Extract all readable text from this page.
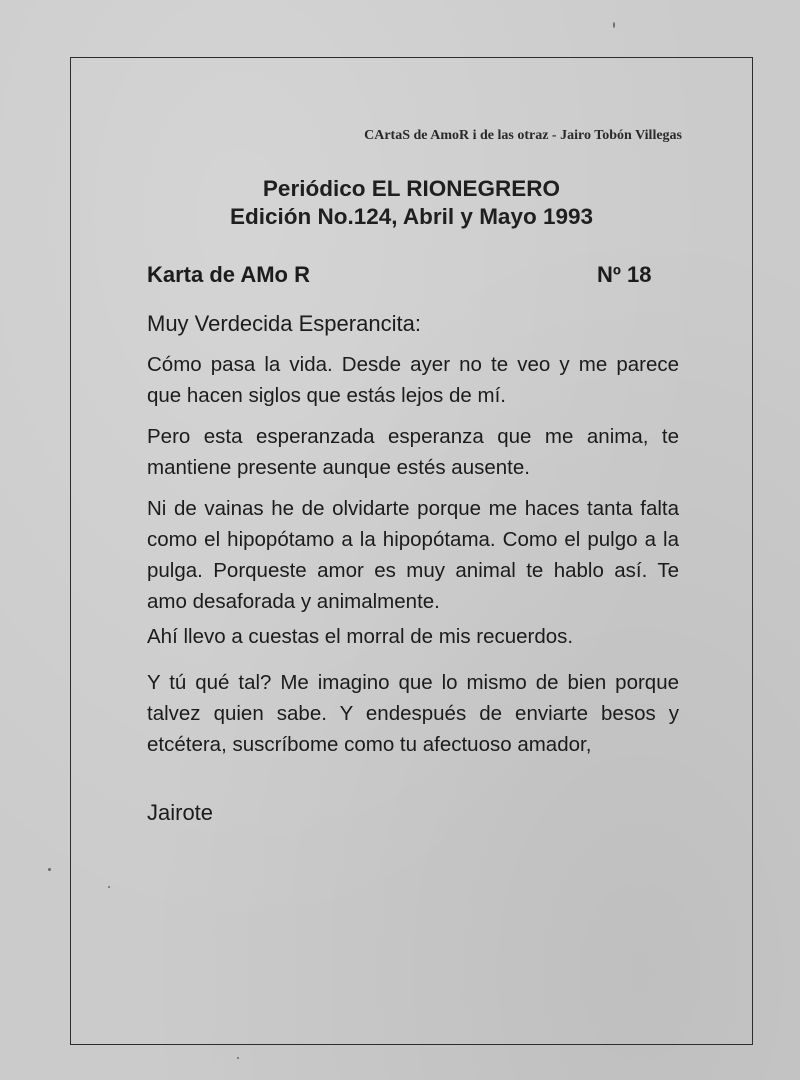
CArtaS de AmoR i de las otraz - Jairo Tobón Villegas
Periódico EL RIONEGRERO
Edición No.124, Abril y Mayo 1993
Karta de AMo R	Nº 18
Muy Verdecida Esperancita:
Cómo pasa la vida. Desde ayer no te veo y me parece que hacen siglos que estás lejos de mí.
Pero esta esperanzada esperanza que me anima, te mantiene presente aunque estés ausente.
Ni de vainas he de olvidarte porque me haces tanta falta como el hipopótamo a la hipopótama. Como el pulgo a la pulga. Porqueste amor es muy animal te hablo así. Te amo desaforada y animalmente.
Ahí llevo a cuestas el morral de mis recuerdos.
Y tú qué tal? Me imagino que lo mismo de bien porque talvez quien sabe. Y endespués de enviarte besos y etcétera, suscríbome como tu afectuoso amador,
Jairote
